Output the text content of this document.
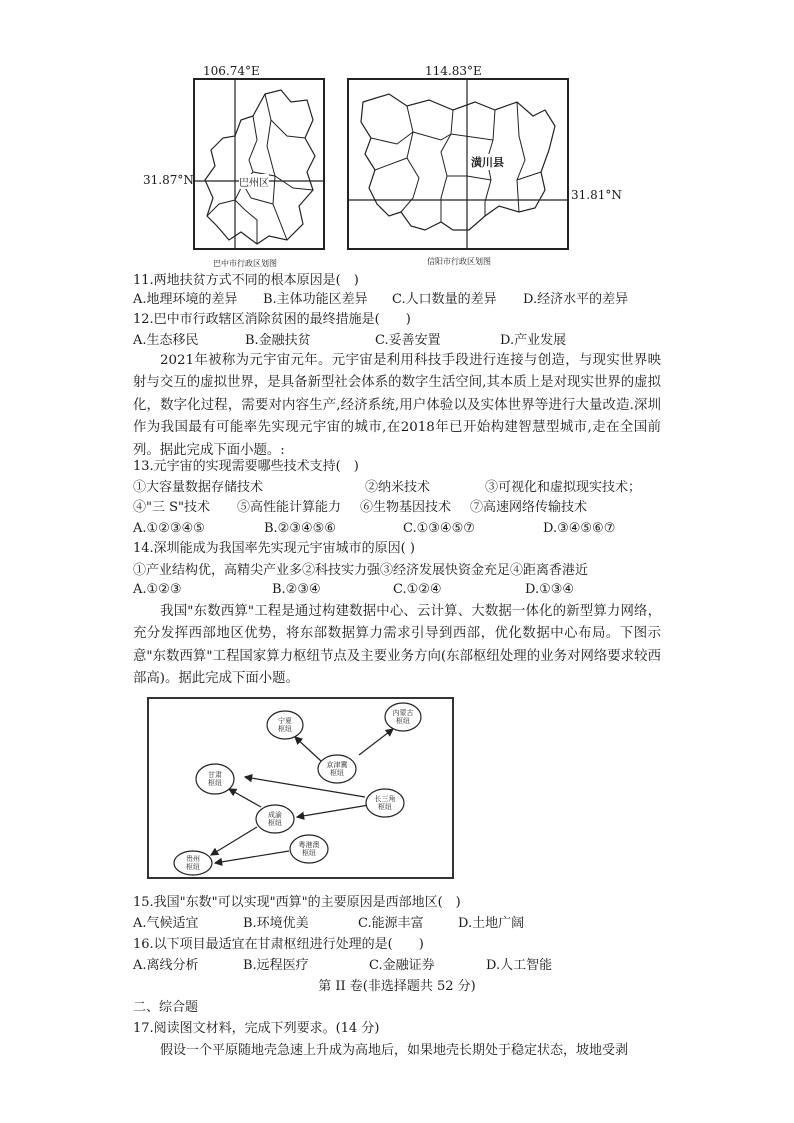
106.74°E
巴州区
巴中市行政区划图
31.87°N
114.83°E
潢川县
信阳市行政区划图
31.81°N
11.两地扶贫方式不同的根本原因是(　)
A.地理环境的差异 B.主体功能区差异 C.人口数量的差异 D.经济水平的差异
12.巴中市行政辖区消除贫困的最终措施是(　　)
A.生态移民	B.金融扶贫	C.妥善安置	D.产业发展

2021年被称为元宇宙元年。元宇宙是利用科技手段进行连接与创造，与现实世界映射与交互的虚拟世界，是具备新型社会体系的数字生活空间,其本质上是对现实世界的虚拟化，数字化过程，需要对内容生产,经济系统,用户体验以及实体世界等进行大量改造.深圳作为我国最有可能率先实现元宇宙的城市,在2018年已开始构建智慧型城市,走在全国前列。据此完成下面小题。:

13.元宇宙的实现需要哪些技术支持(　)
①大容量数据存储技术	②纳米技术	③可视化和虚拟现实技术；
④"三 S"技术 ⑤高性能计算能力 ⑥生物基因技术 ⑦高速网络传输技术
A.①②③④⑤	B.②③④⑤⑥	C.①③④⑤⑦	D.③④⑤⑥⑦
14.深圳能成为我国率先实现元宇宙城市的原因( )
①产业结构优，高精尖产业多②科技实力强③经济发展快资金充足④距离香港近
A.①②③	B.②③④	C.①②④	D.①③④

我国"东数西算"工程是通过构建数据中心、云计算、大数据一体化的新型算力网络，充分发挥西部地区优势，将东部数据算力需求引导到西部，优化数据中心布局。下图示意"东数西算"工程国家算力枢纽节点及主要业务方向(东部枢纽处理的业务对网络要求较西部高)。据此完成下面小题。

宁夏枢纽
内蒙古枢纽
京津冀枢纽
甘肃枢纽
长三角枢纽
成渝枢纽
粤港澳枢纽
贵州枢纽
15.我国"东数"可以实现"西算"的主要原因是西部地区(　)
A.气候适宜	B.环境优美	C.能源丰富	D.土地广阔
16.以下项目最适宜在甘肃枢纽进行处理的是(　　)
A.离线分析	B.远程医疗	C.金融证券	D.人工智能
第 II 卷(非选择题共 52 分)
二、综合题
17.阅读图文材料，完成下列要求。(14 分)
假设一个平原随地壳急速上升成为高地后，如果地壳长期处于稳定状态，坡地受剥
